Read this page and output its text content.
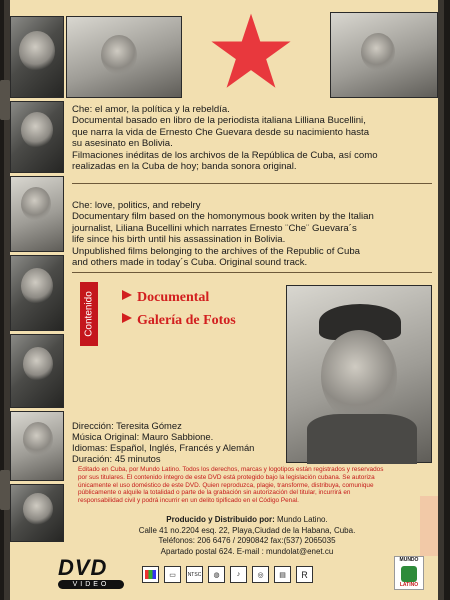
Che: el amor, la política y la rebeldía.

Documental basado en libro de la periodista italiana Lilliana Bucellini,

que narra la vida de Ernesto Che Guevara desde su nacimiento hasta

su asesinato en Bolivia.

Filmaciones inéditas de los archivos de la República de Cuba, así como

realizadas en la Cuba de hoy; banda sonora original.

Che: love, politics, and rebelry

Documentary film based on the homonymous book writen by the Italian

journalist, Liliana Bucellini which narrates Ernesto ¨Che¨ Guevara´s

life since his birth until his assassination in Bolivia.

Unpublished films belonging to the archives of the Republic of Cuba

and others made in today´s Cuba. Original sound track.

Contenido	Documental
Galería de Fotos

Dirección: Teresita Gómez

Música Original: Mauro Sabbione.

Idiomas: Español, Inglés, Francés y Alemán

Duración: 45 minutos

Editado en Cuba, por Mundo Latino. Todos los derechos, marcas y logotipos están registrados y reservados

por sus titulares. El contenido íntegro de este DVD está protegido bajo la legislación cubana. Se autoriza

únicamente el uso doméstico de este DVD. Quien reproduzca, plagie, transforme, distribuya, comunique

públicamente o alquile la totalidad o parte de la grabación sin autorización del titular, incurrirá en

responsabilidad civil y podrá incurrir en un delito tipificado en el Código Penal.

Producido y Distribuido por: Mundo Latino.

Calle 41 no.2204 esq. 22, Playa,Ciudad de la Habana, Cuba.

Teléfonos: 206 6476 / 2090842 fax:(537) 2065035

Apartado postal 624. E-mail : mundolat@enet.cu

DVD
VIDEO
▭	NTSC	◍	♪	◎	▤	R
MUNDO
LATINO
